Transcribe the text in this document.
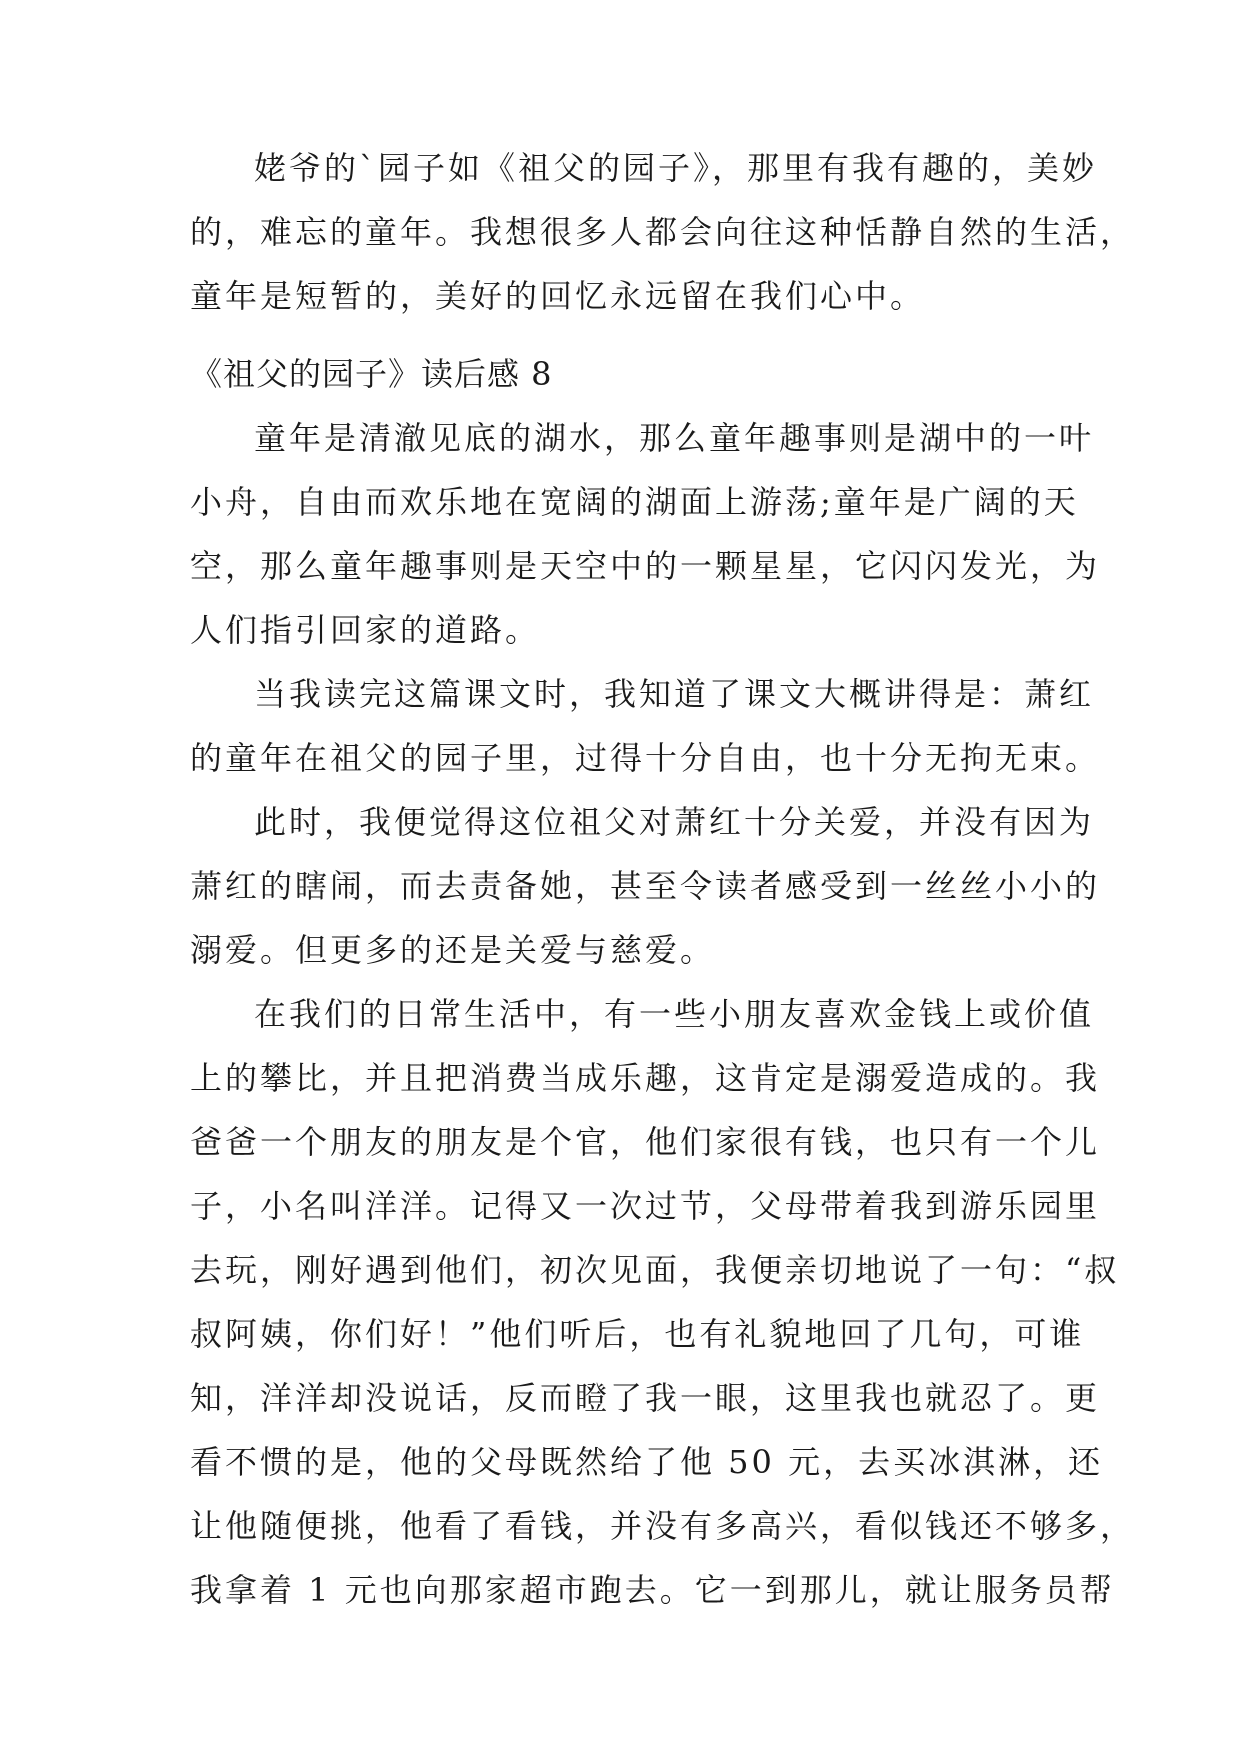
姥爷的`园子如《祖父的园子》，那里有我有趣的，美妙
的，难忘的童年。我想很多人都会向往这种恬静自然的生活，
童年是短暂的，美好的回忆永远留在我们心中。
《祖父的园子》读后感 8
童年是清澈见底的湖水，那么童年趣事则是湖中的一叶
小舟，自由而欢乐地在宽阔的湖面上游荡;童年是广阔的天
空，那么童年趣事则是天空中的一颗星星，它闪闪发光，为
人们指引回家的道路。
当我读完这篇课文时，我知道了课文大概讲得是：萧红
的童年在祖父的园子里，过得十分自由，也十分无拘无束。
此时，我便觉得这位祖父对萧红十分关爱，并没有因为
萧红的瞎闹，而去责备她，甚至令读者感受到一丝丝小小的
溺爱。但更多的还是关爱与慈爱。
在我们的日常生活中，有一些小朋友喜欢金钱上或价值
上的攀比，并且把消费当成乐趣，这肯定是溺爱造成的。我
爸爸一个朋友的朋友是个官，他们家很有钱，也只有一个儿
子，小名叫洋洋。记得又一次过节，父母带着我到游乐园里
去玩，刚好遇到他们，初次见面，我便亲切地说了一句：“叔
叔阿姨，你们好！”他们听后，也有礼貌地回了几句，可谁
知，洋洋却没说话，反而瞪了我一眼，这里我也就忍了。更
看不惯的是，他的父母既然给了他 50 元，去买冰淇淋，还
让他随便挑，他看了看钱，并没有多高兴，看似钱还不够多，
我拿着 1 元也向那家超市跑去。它一到那儿，就让服务员帮
